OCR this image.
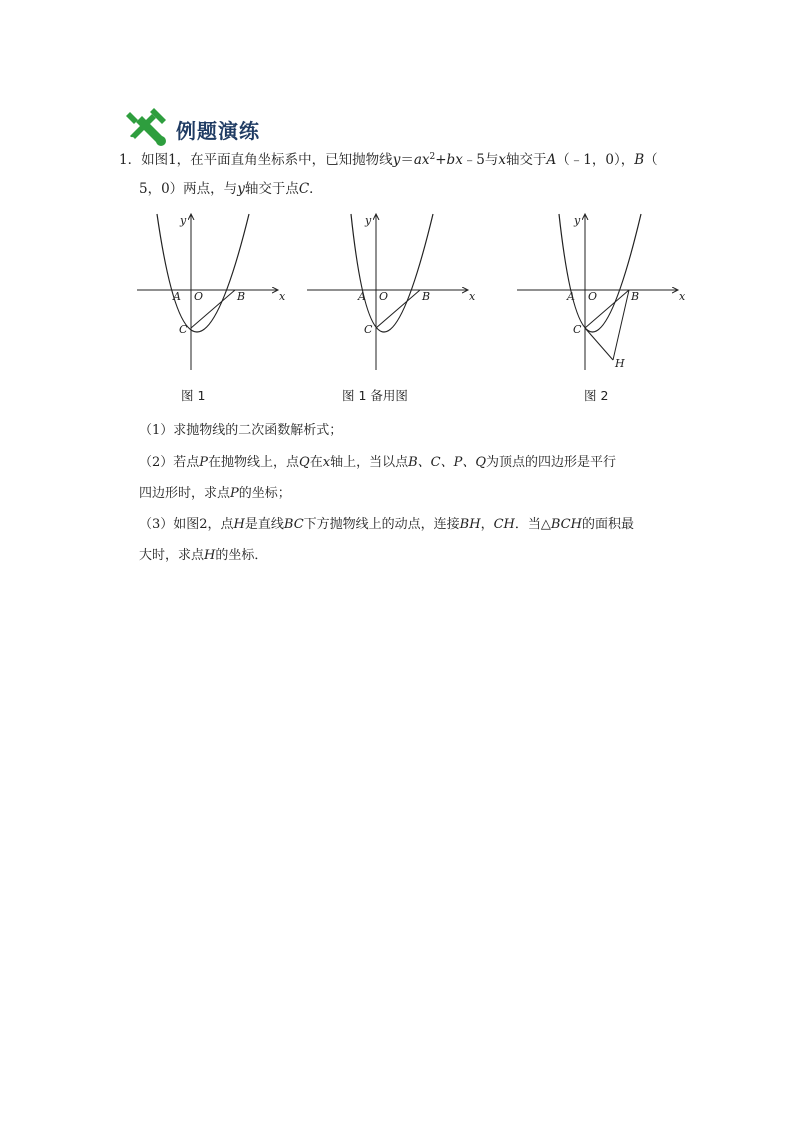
例题演练
1．如图1，在平面直角坐标系中，已知抛物线$y=ax^2+bx﹣5$与x轴交于A（﹣1，0），B（
5，0）两点，与y轴交于点C．
y
x
A O	B
C
y
x
A O	B
C
y
x
A O	B
C
H
图 1	图 1 备用图	图 2
（1）求抛物线的二次函数解析式；
（2）若点P在抛物线上，点Q在x轴上，当以点B、C、P、Q为顶点的四边形是平行
四边形时，求点P的坐标；
（3）如图2，点H是直线BC下方抛物线上的动点，连接BH，CH．当△BCH的面积最
大时，求点H的坐标．
